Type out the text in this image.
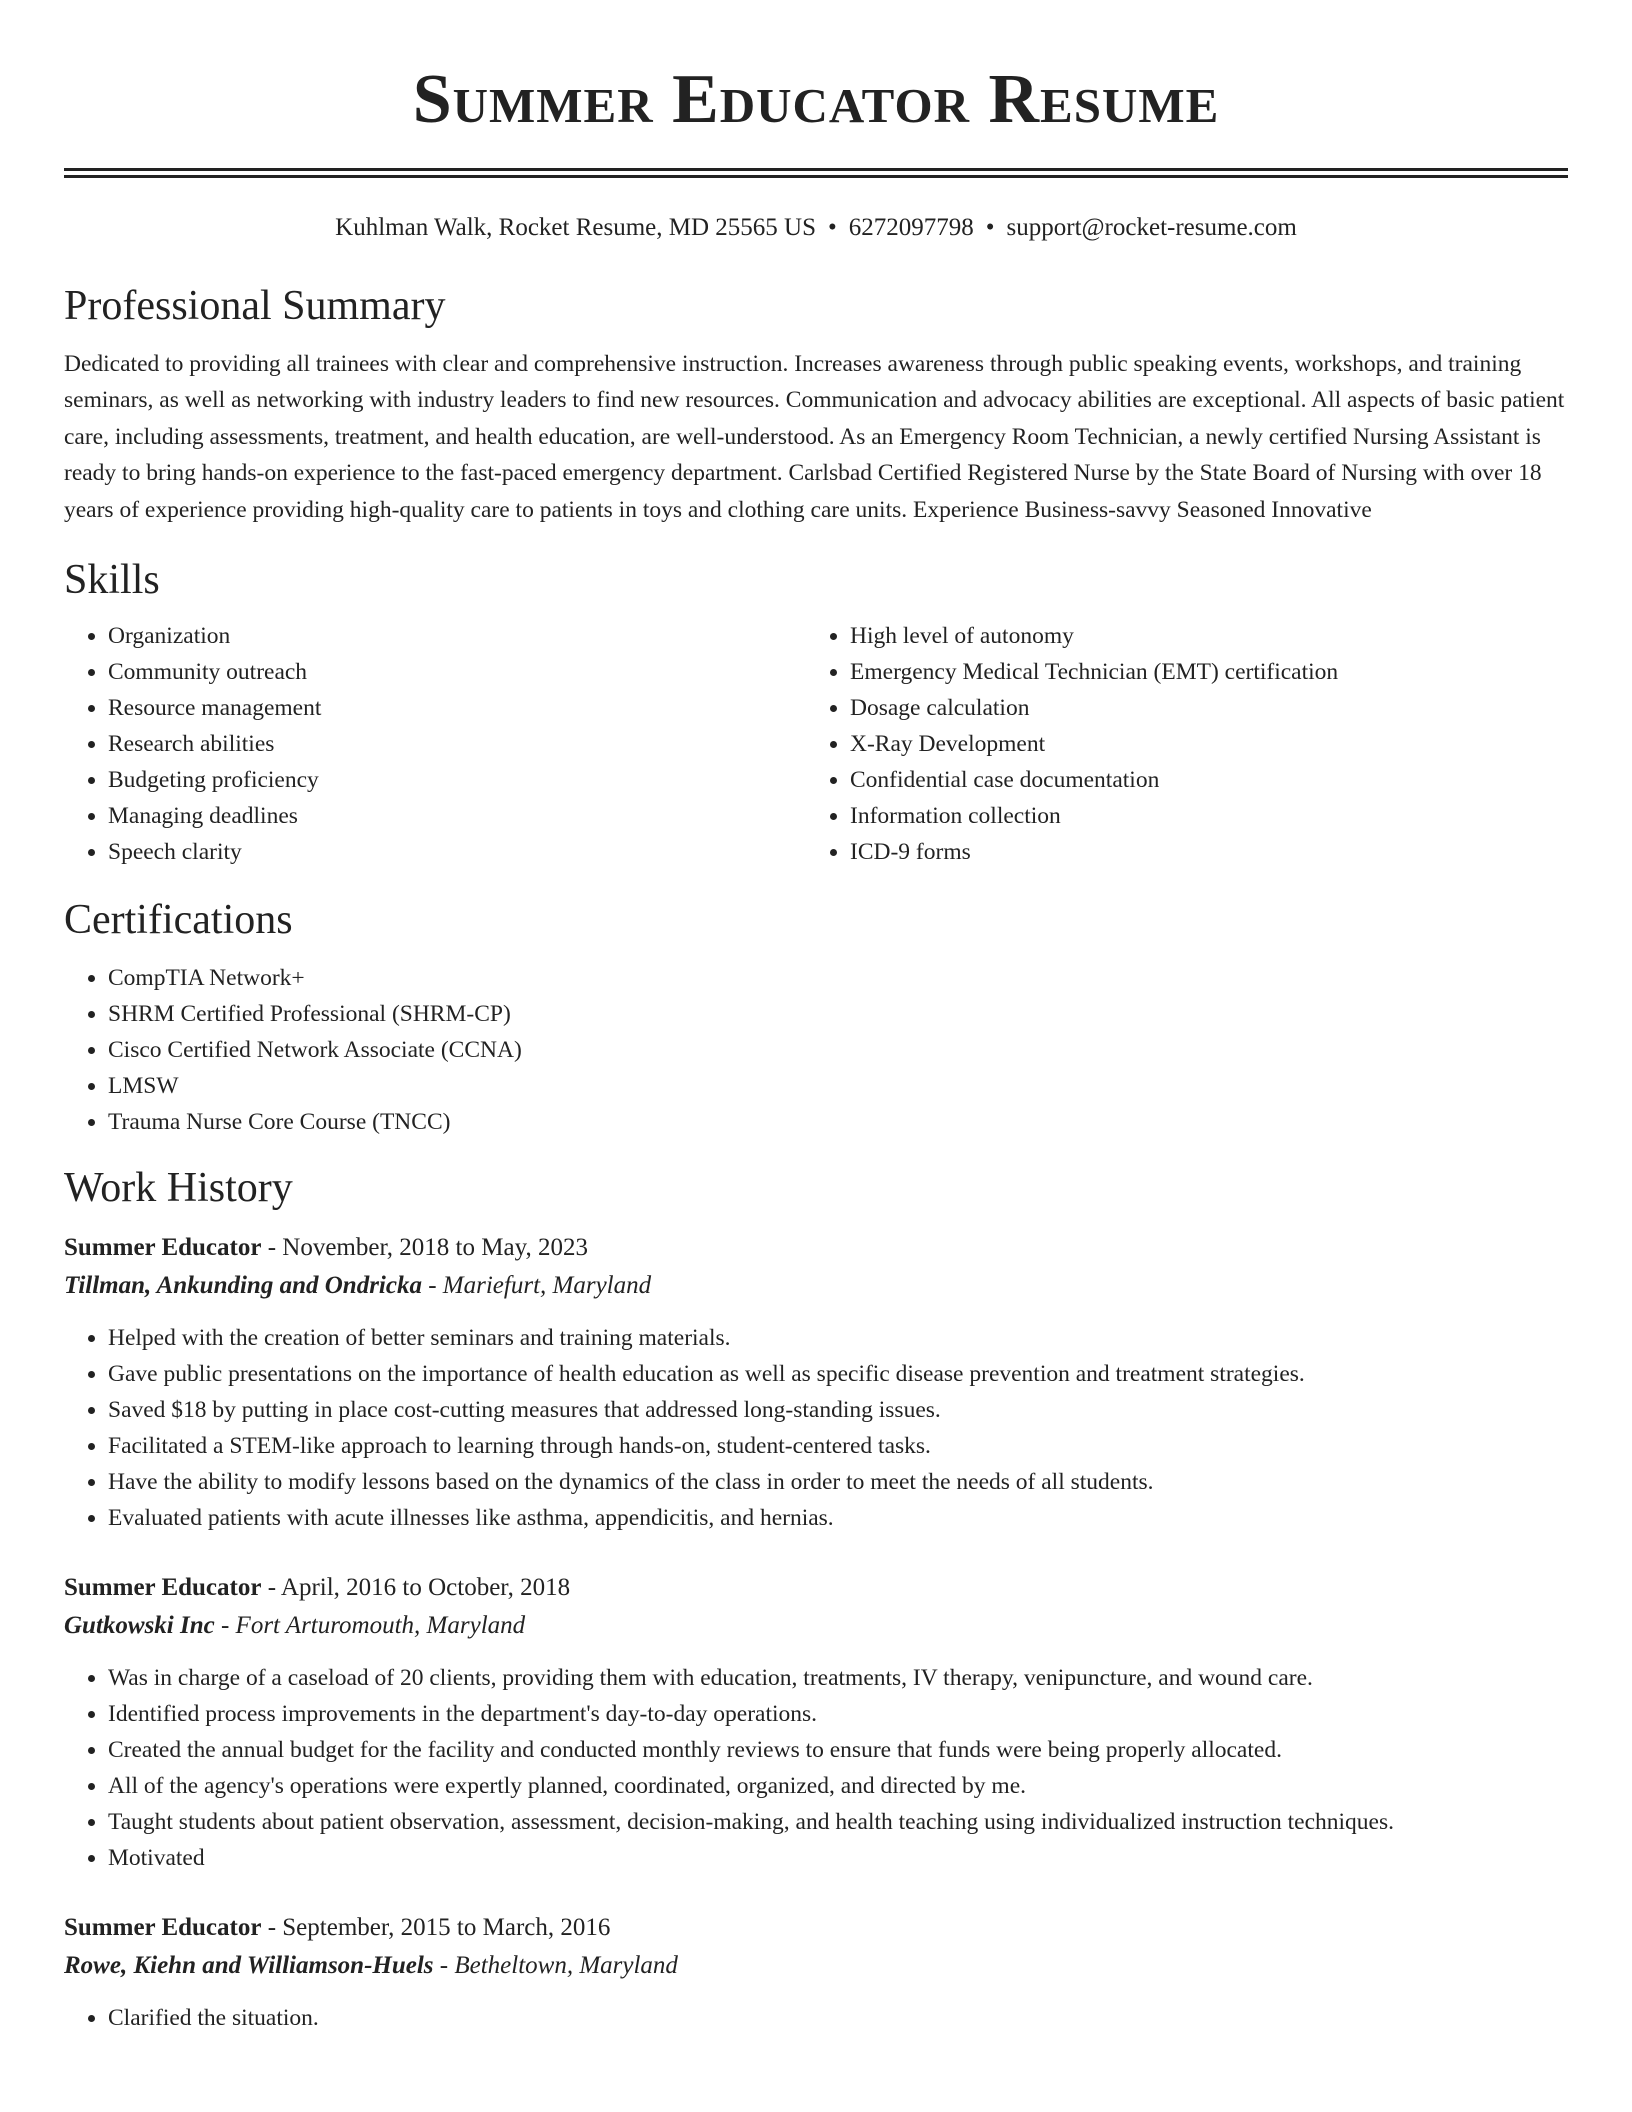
Summer Educator Resume
Kuhlman Walk, Rocket Resume, MD 25565 US • 6272097798 • support@rocket-resume.com
Professional Summary
Dedicated to providing all trainees with clear and comprehensive instruction. Increases awareness through public speaking events, workshops, and training seminars, as well as networking with industry leaders to find new resources. Communication and advocacy abilities are exceptional. All aspects of basic patient care, including assessments, treatment, and health education, are well-understood. As an Emergency Room Technician, a newly certified Nursing Assistant is ready to bring hands-on experience to the fast-paced emergency department. Carlsbad Certified Registered Nurse by the State Board of Nursing with over 18 years of experience providing high-quality care to patients in toys and clothing care units. Experience Business-savvy Seasoned Innovative
Skills
• Organization
• Community outreach
• Resource management
• Research abilities
• Budgeting proficiency
• Managing deadlines
• Speech clarity
• High level of autonomy
• Emergency Medical Technician (EMT) certification
• Dosage calculation
• X-Ray Development
• Confidential case documentation
• Information collection
• ICD-9 forms
Certifications
• CompTIA Network+
• SHRM Certified Professional (SHRM-CP)
• Cisco Certified Network Associate (CCNA)
• LMSW
• Trauma Nurse Core Course (TNCC)
Work History
Summer Educator - November, 2018 to May, 2023
Tillman, Ankunding and Ondricka - Mariefurt, Maryland
• Helped with the creation of better seminars and training materials.
• Gave public presentations on the importance of health education as well as specific disease prevention and treatment strategies.
• Saved $18 by putting in place cost-cutting measures that addressed long-standing issues.
• Facilitated a STEM-like approach to learning through hands-on, student-centered tasks.
• Have the ability to modify lessons based on the dynamics of the class in order to meet the needs of all students.
• Evaluated patients with acute illnesses like asthma, appendicitis, and hernias.
Summer Educator - April, 2016 to October, 2018
Gutkowski Inc - Fort Arturomouth, Maryland
• Was in charge of a caseload of 20 clients, providing them with education, treatments, IV therapy, venipuncture, and wound care.
• Identified process improvements in the department's day-to-day operations.
• Created the annual budget for the facility and conducted monthly reviews to ensure that funds were being properly allocated.
• All of the agency's operations were expertly planned, coordinated, organized, and directed by me.
• Taught students about patient observation, assessment, decision-making, and health teaching using individualized instruction techniques.
• Motivated
Summer Educator - September, 2015 to March, 2016
Rowe, Kiehn and Williamson-Huels - Betheltown, Maryland
• Clarified the situation.
